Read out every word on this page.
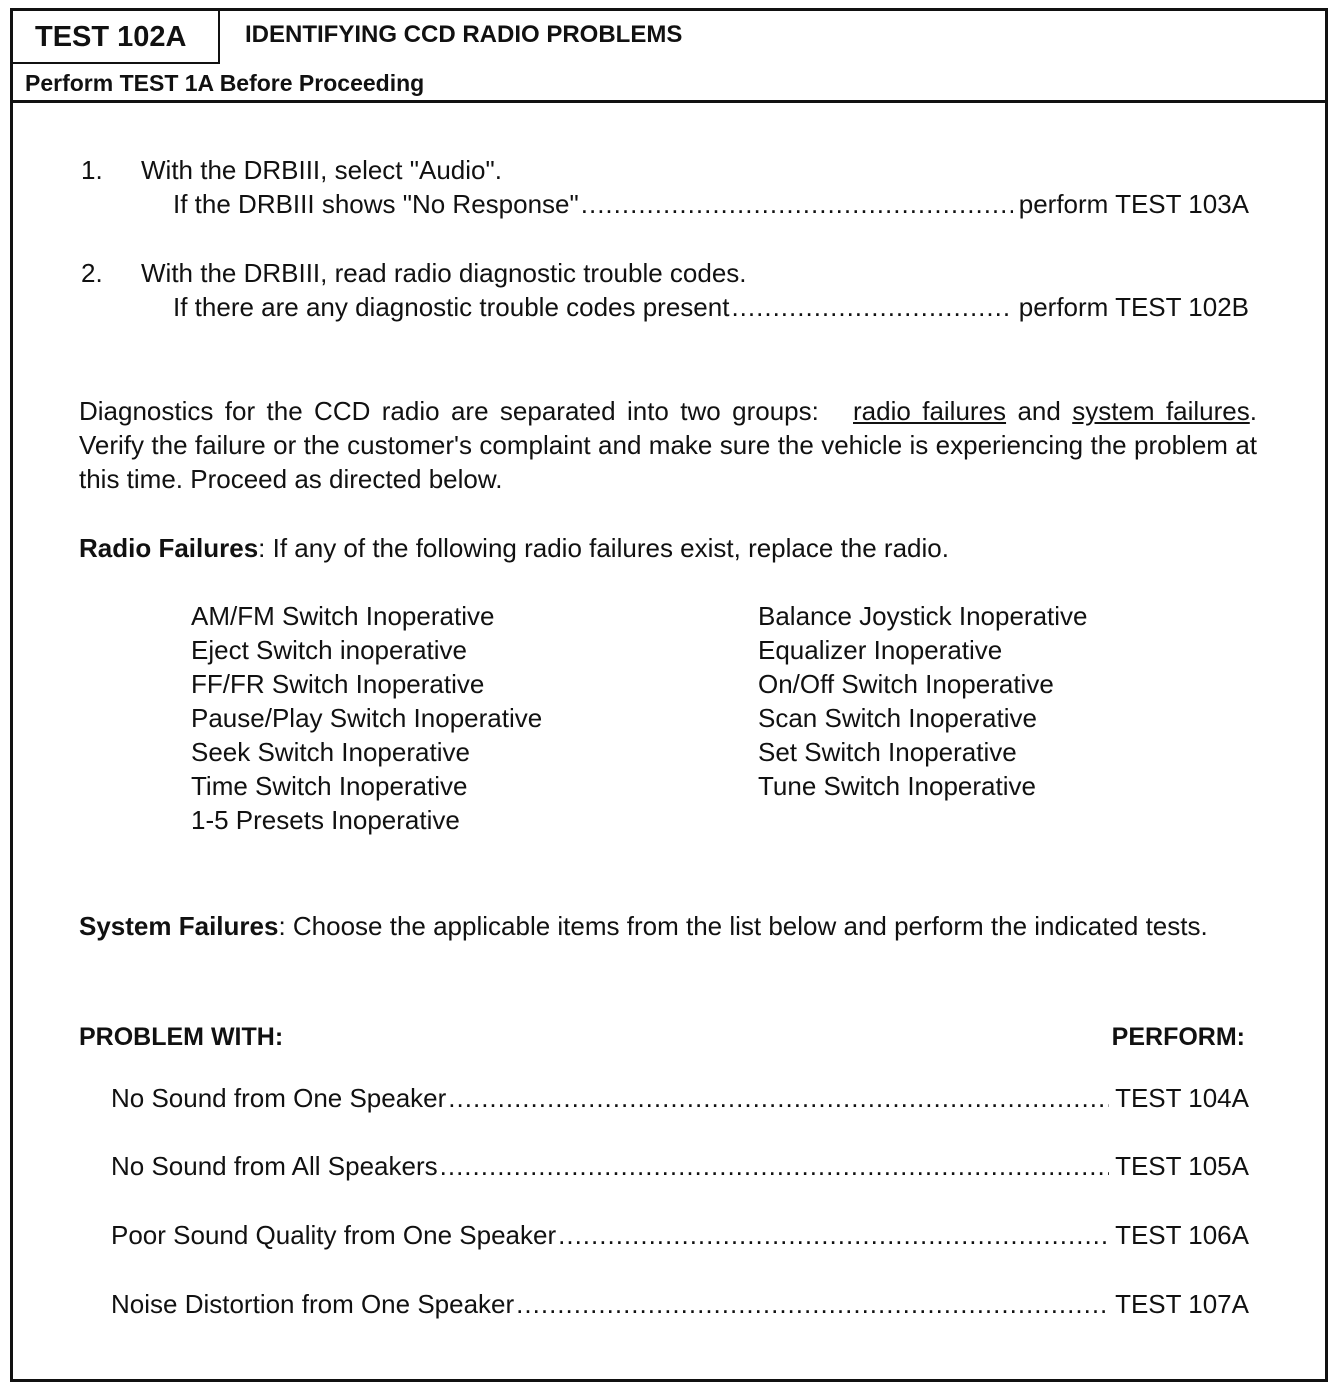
TEST 102A	IDENTIFYING CCD RADIO PROBLEMS
Perform TEST 1A Before Proceeding
1. With the DRBIII, select "Audio".
If the DRBIII shows "No Response" .....	perform TEST 103A
2. With the DRBIII, read radio diagnostic trouble codes.
If there are any diagnostic trouble codes present .....	perform TEST 102B
Diagnostics for the CCD radio are separated into two groups: radio failures and system failures. Verify the failure or the customer's complaint and make sure the vehicle is experiencing the problem at this time. Proceed as directed below.
Radio Failures: If any of the following radio failures exist, replace the radio.
AM/FM Switch Inoperative
Eject Switch inoperative
FF/FR Switch Inoperative
Pause/Play Switch Inoperative
Seek Switch Inoperative
Time Switch Inoperative
1-5 Presets Inoperative
Balance Joystick Inoperative
Equalizer Inoperative
On/Off Switch Inoperative
Scan Switch Inoperative
Set Switch Inoperative
Tune Switch Inoperative
System Failures: Choose the applicable items from the list below and perform the indicated tests.
PROBLEM WITH:	PERFORM:
No Sound from One Speaker .....	TEST 104A
No Sound from All Speakers .....	TEST 105A
Poor Sound Quality from One Speaker .....	TEST 106A
Noise Distortion from One Speaker .....	TEST 107A
